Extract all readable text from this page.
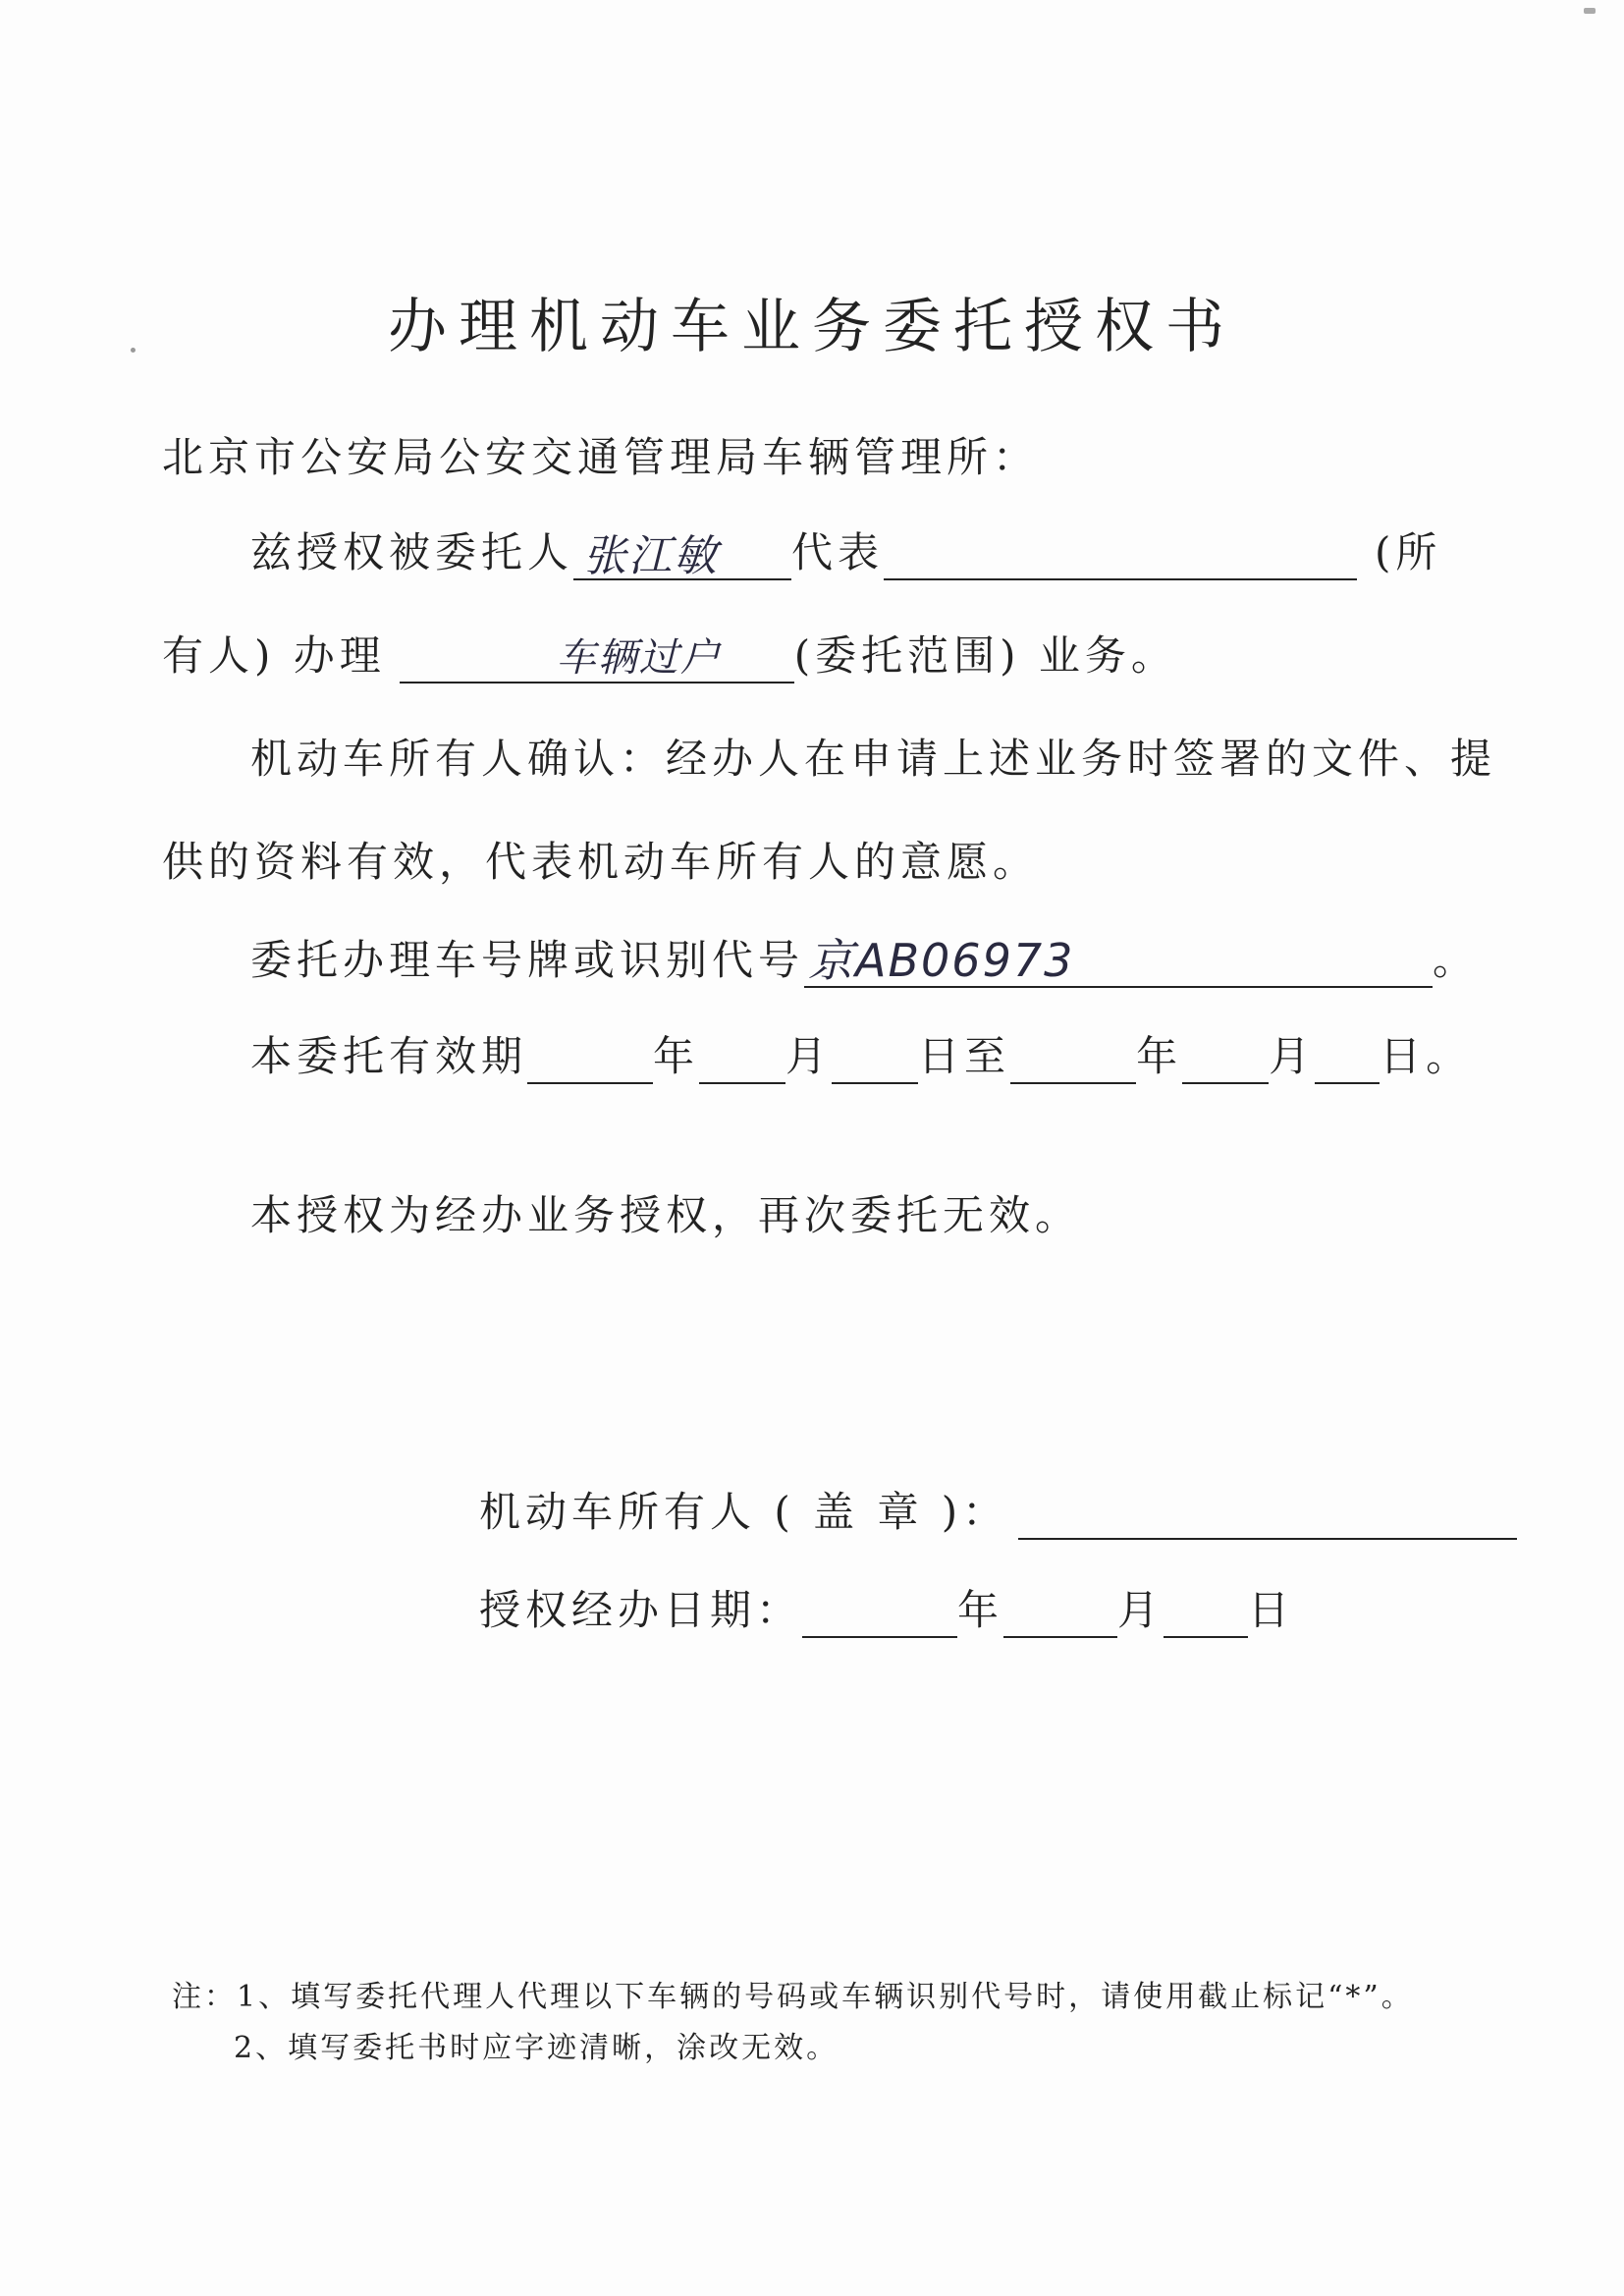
办理机动车业务委托授权书
北京市公安局公安交通管理局车辆管理所：
兹授权被委托人 张江敏 代表	(所
有人) 办理	车辆过户 (委托范围) 业务。
机动车所有人确认：经办人在申请上述业务时签署的文件、提
供的资料有效，代表机动车所有人的意愿。
委托办理车号牌或识别代号 京AB06973	。
本委托有效期	年 月 日至	年 月 日。
本授权为经办业务授权，再次委托无效。
机动车所有人 ( 盖 章 )：
授权经办日期：	年	月 日
注：1、填写委托代理人代理以下车辆的号码或车辆识别代号时，请使用截止标记“*”。
2、填写委托书时应字迹清晰，涂改无效。
